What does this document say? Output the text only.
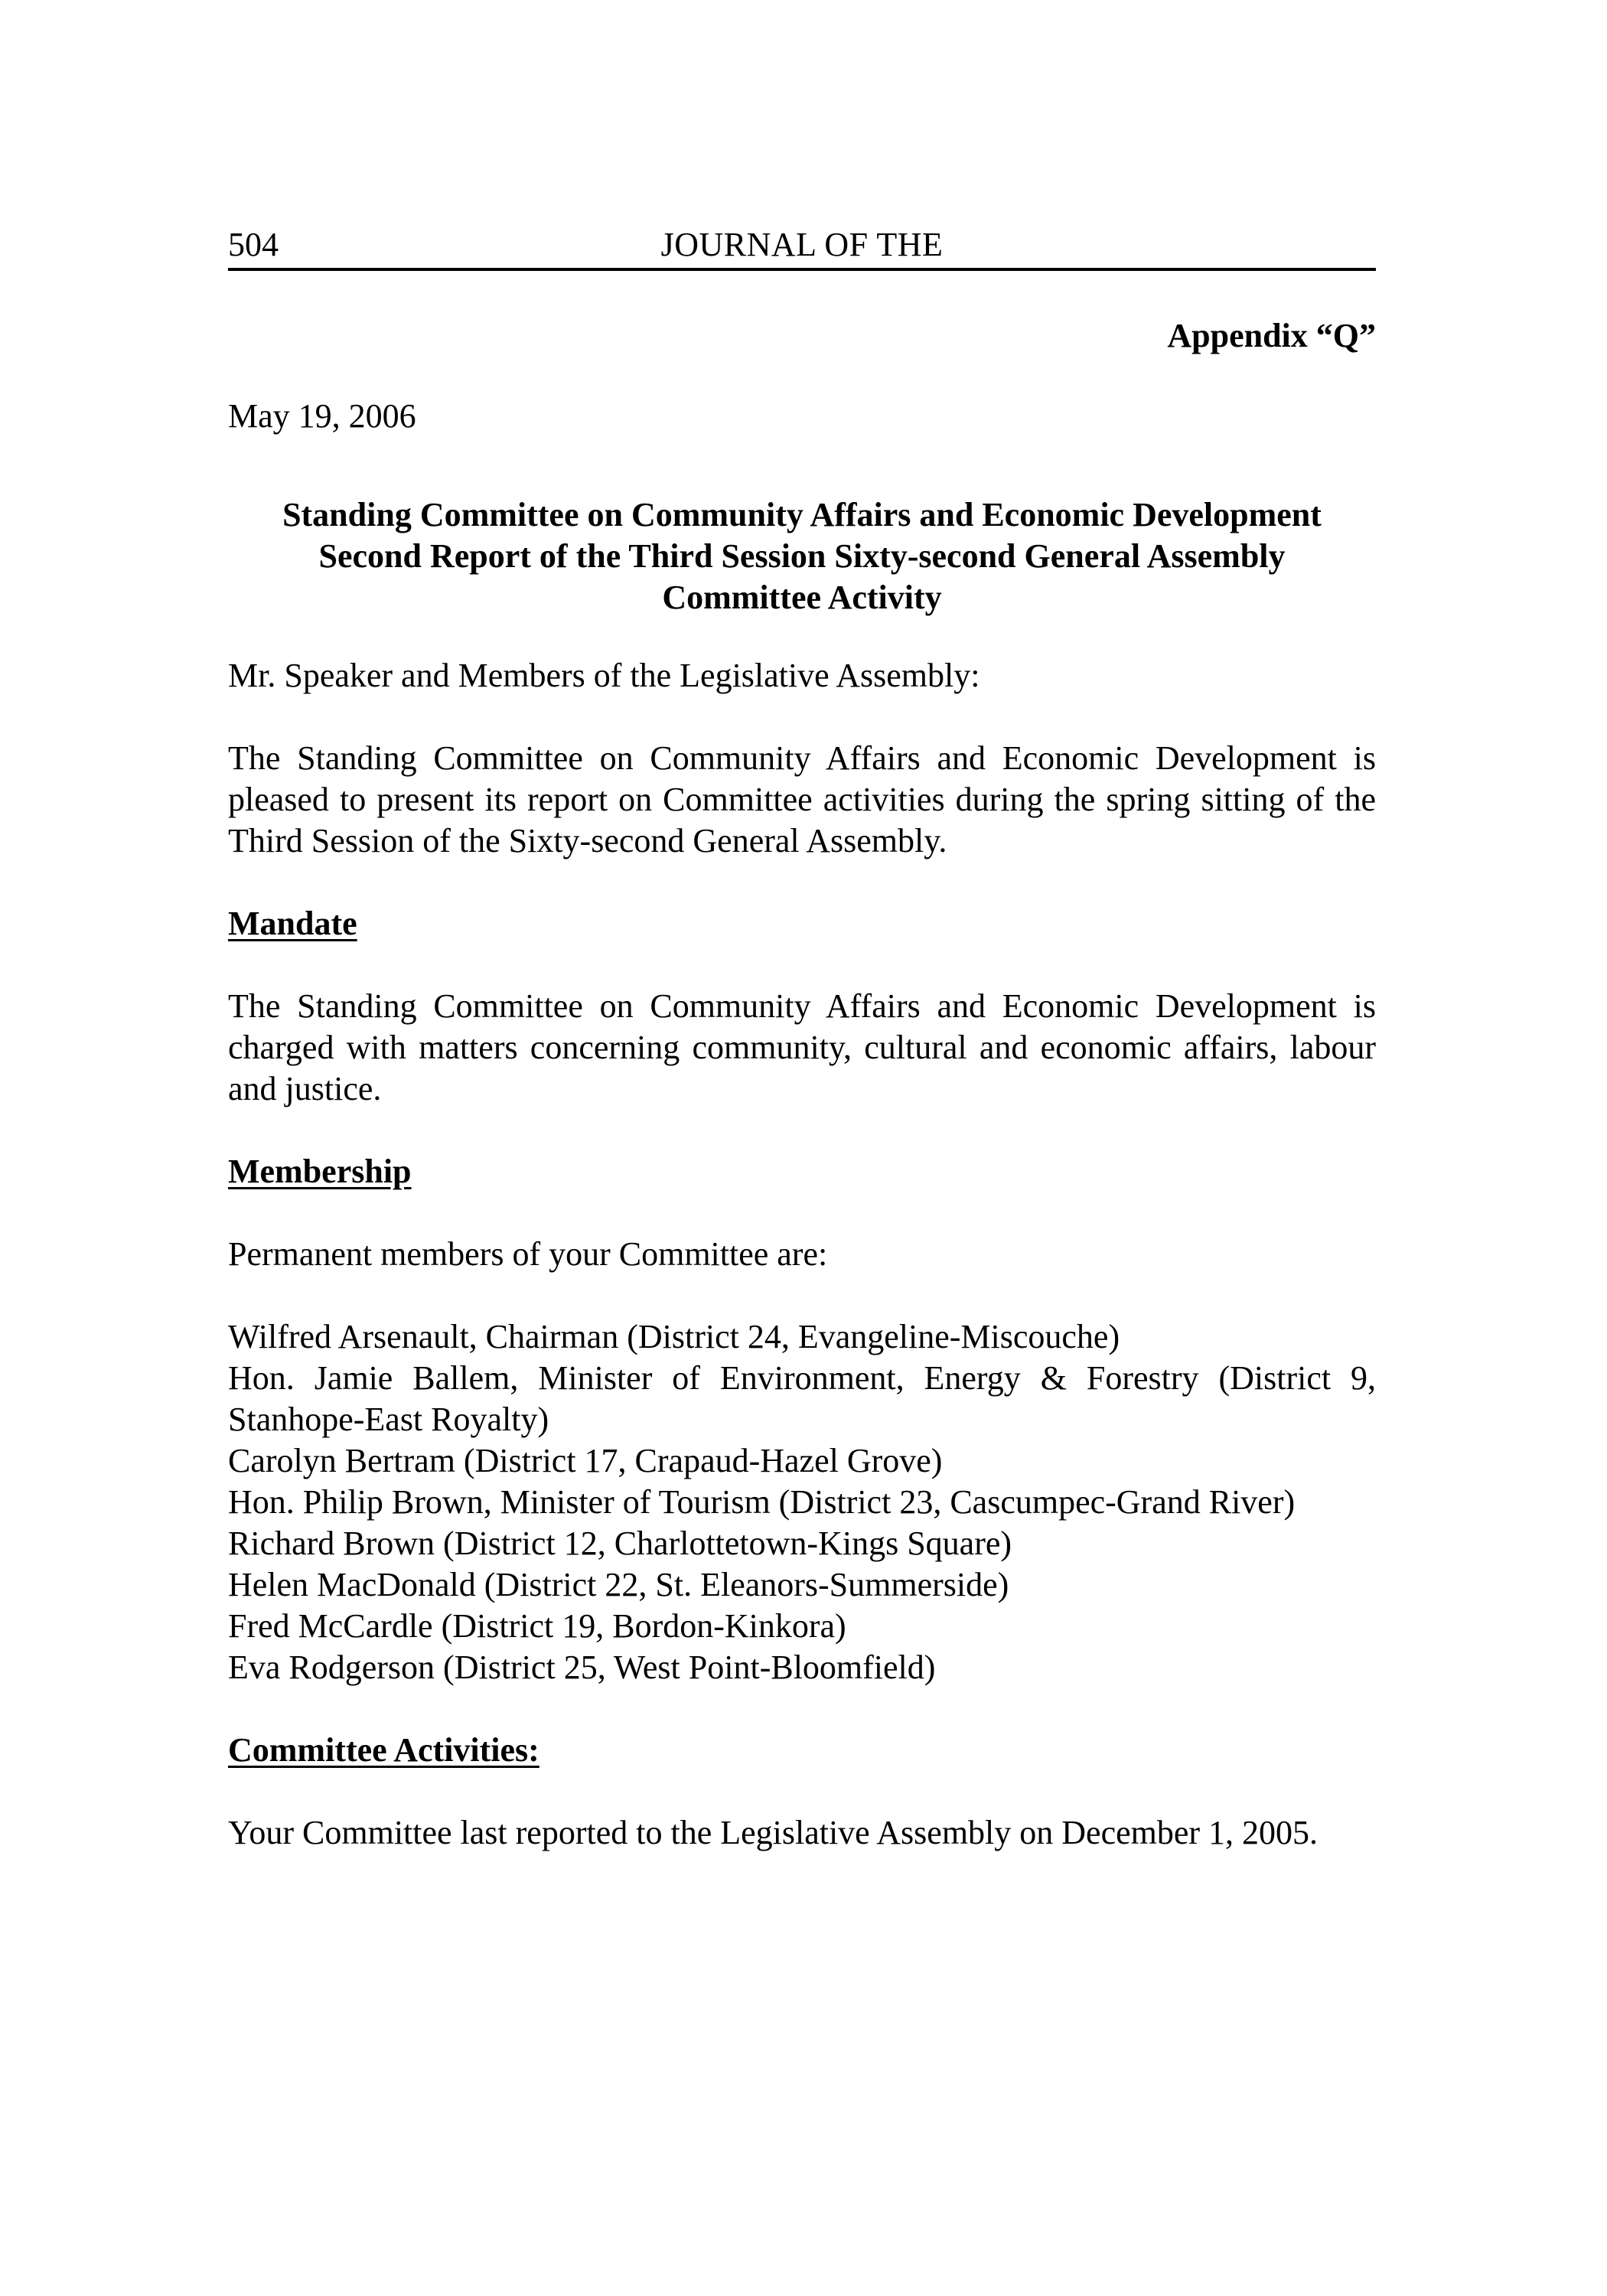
504	JOURNAL OF THE
Appendix “Q”
May 19, 2006
Standing Committee on Community Affairs and Economic Development
Second Report of the Third Session Sixty-second General Assembly
Committee Activity
Mr. Speaker and Members of the Legislative Assembly:
The Standing Committee on Community Affairs and Economic Development is pleased to present its report on Committee activities during the spring sitting of the Third Session of the Sixty-second General Assembly.
Mandate
The Standing Committee on Community Affairs and Economic Development is charged with matters concerning community, cultural and economic affairs, labour and justice.
Membership
Permanent members of your Committee are:
Wilfred Arsenault, Chairman (District 24, Evangeline-Miscouche)
Hon. Jamie Ballem, Minister of Environment, Energy & Forestry (District 9, Stanhope-East Royalty)
Carolyn Bertram (District 17, Crapaud-Hazel Grove)
Hon. Philip Brown, Minister of Tourism (District 23, Cascumpec-Grand River)
Richard Brown (District 12, Charlottetown-Kings Square)
Helen MacDonald (District 22, St. Eleanors-Summerside)
Fred McCardle (District 19, Bordon-Kinkora)
Eva Rodgerson (District 25, West Point-Bloomfield)
Committee Activities:
Your Committee last reported to the Legislative Assembly on December 1, 2005.
